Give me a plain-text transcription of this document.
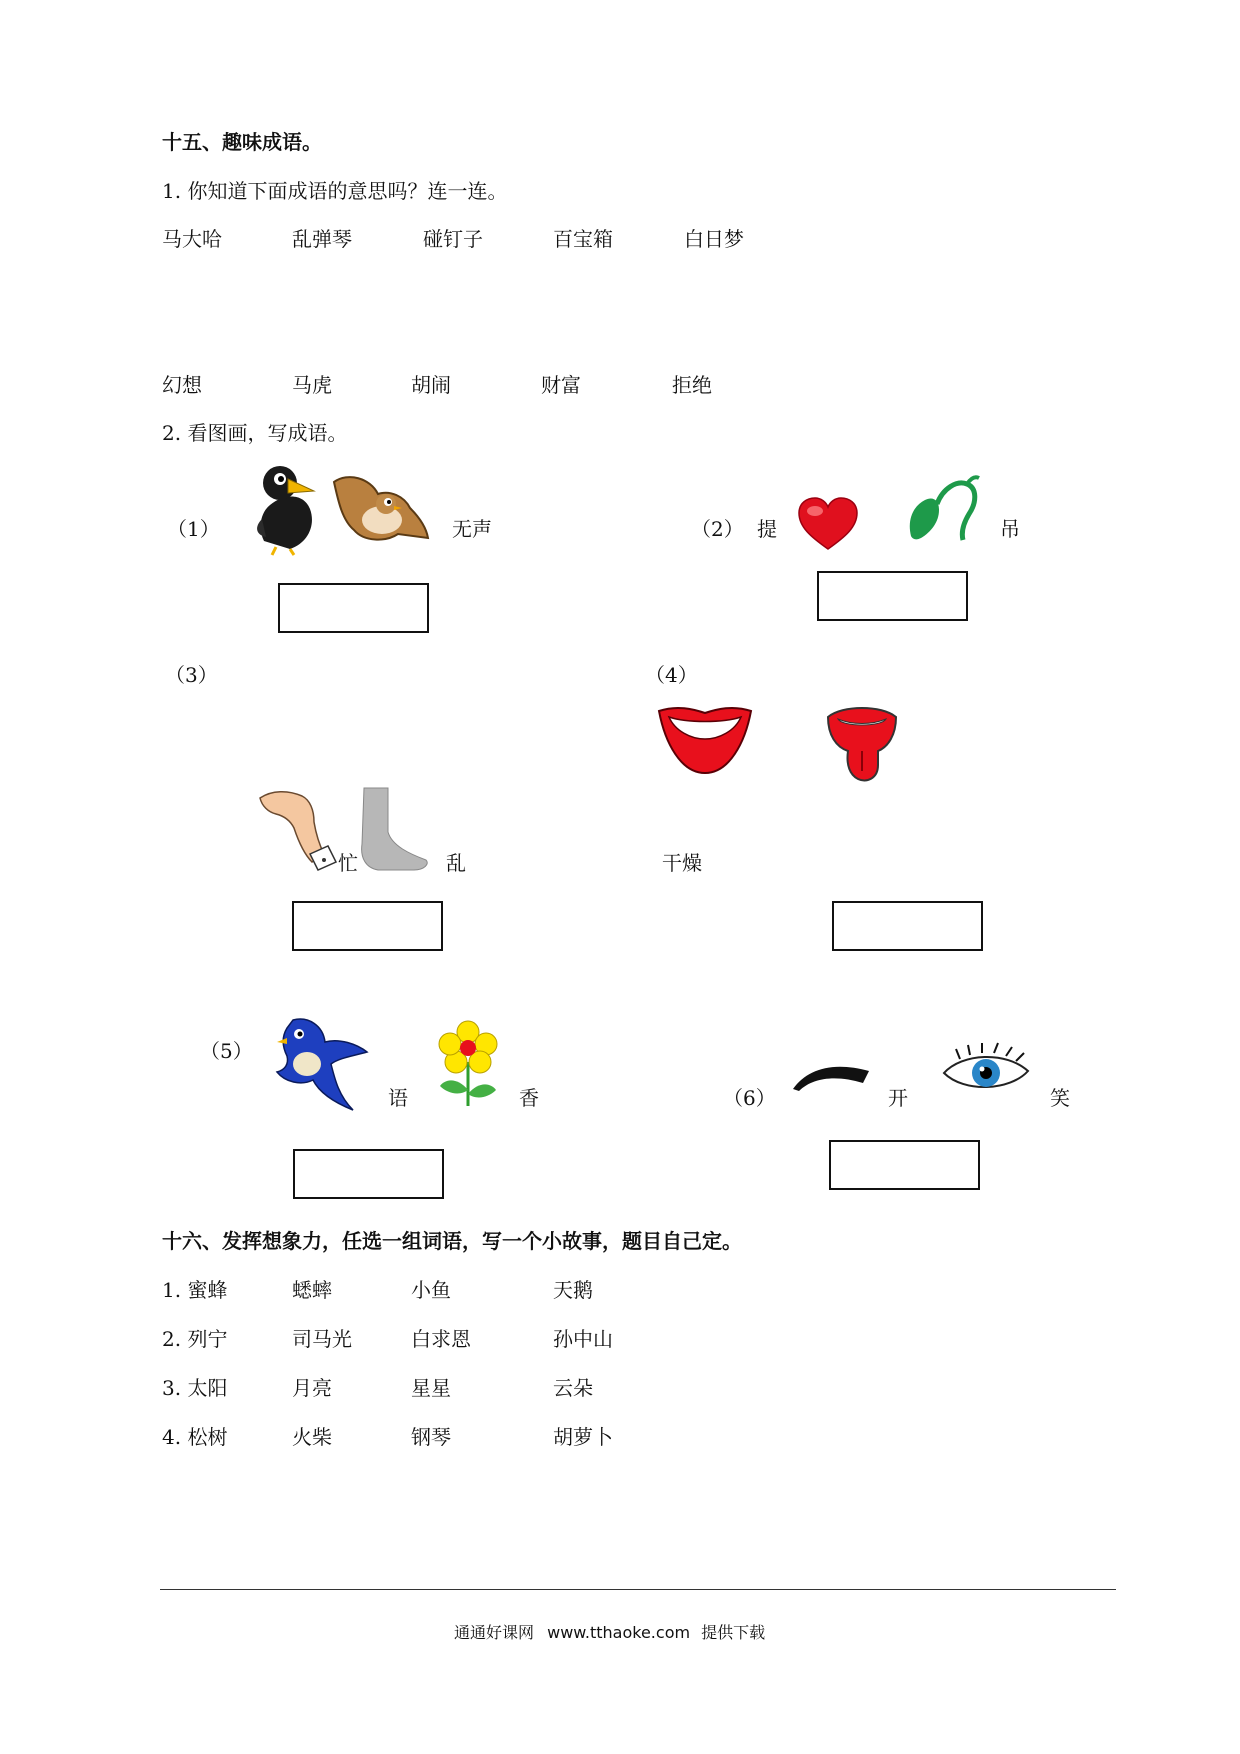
十五、趣味成语。
1. 你知道下面成语的意思吗？连一连。
马大哈	乱弹琴	碰钉子	百宝箱	白日梦
幻想	马虎	胡闹	财富	拒绝
2. 看图画，写成语。
（1）	无声	（2） 提	吊
（3）
忙	乱
（4）
干燥
（5）
语	香	（6）	开	笑
十六、发挥想象力，任选一组词语，写一个小故事，题目自己定。
1. 蜜蜂	蟋蟀	小鱼	天鹅
2. 列宁	司马光	白求恩	孙中山
3. 太阳	月亮	星星	云朵
4. 松树	火柴	钢琴	胡萝卜
通通好课网 www.tthaoke.com 提供下载
